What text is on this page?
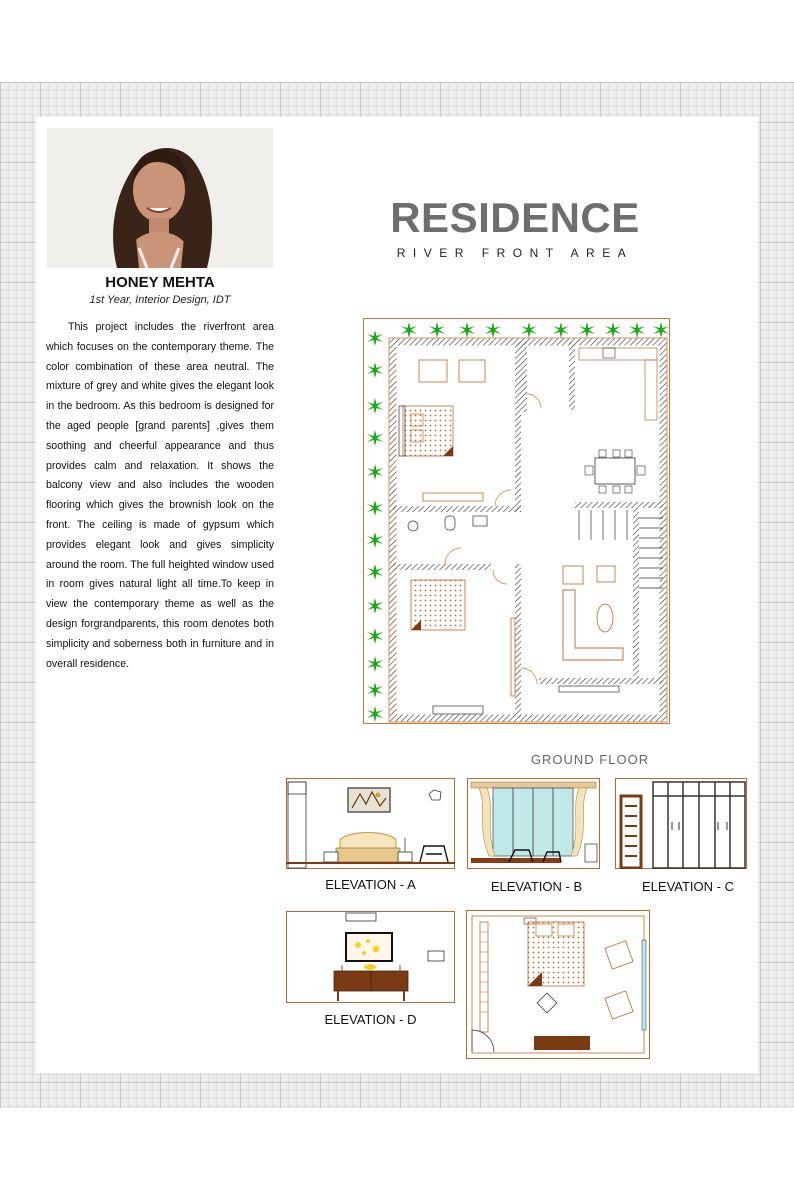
HONEY MEHTA
1st Year, Interior Design, IDT

This project includes the riverfront area which focuses on the contemporary theme. The color combination of these area neutral. The mixture of grey and white gives the elegant look in the bedroom. As this bedroom is designed for the aged people [grand parents] ,gives them soothing and cheerful appearance and thus provides calm and relaxation. It shows the balcony view and also includes the wooden flooring which gives the brownish look on the front. The ceiling is made of gypsum which provides elegant look and gives simplicity around the room. The full heighted window used in room gives natural light all time.To keep in view the contemporary theme as well as the design forgrandparents, this room denotes both simplicity and soberness both in furniture and in overall residence.

RESIDENCE
RIVER FRONT AREA
GROUND FLOOR
ELEVATION - A	ELEVATION - B	ELEVATION - C
ELEVATION - D
